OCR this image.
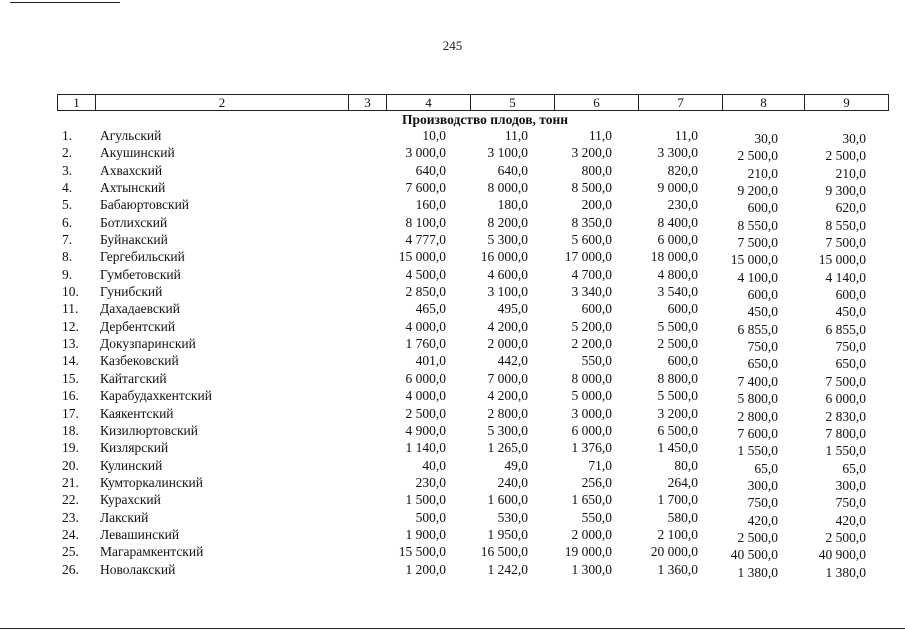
245
1	2	3	4	5	6	7	8	9
Производство плодов, тонн
1. Агульский	10,0	11,0	11,0	11,0	30,0	30,0
2. Акушинский	3 000,0	3 100,0	3 200,0	3 300,0	2 500,0	2 500,0
3. Ахвахский	640,0	640,0	800,0	820,0	210,0	210,0
4. Ахтынский	7 600,0	8 000,0	8 500,0	9 000,0	9 200,0	9 300,0
5. Бабаюртовский	160,0	180,0	200,0	230,0	600,0	620,0
6. Ботлихский	8 100,0	8 200,0	8 350,0	8 400,0	8 550,0	8 550,0
7. Буйнакский	4 777,0	5 300,0	5 600,0	6 000,0	7 500,0	7 500,0
8. Гергебильский	15 000,0	16 000,0	17 000,0	18 000,0	15 000,0	15 000,0
9. Гумбетовский	4 500,0	4 600,0	4 700,0	4 800,0	4 100,0	4 140,0
10. Гунибский	2 850,0	3 100,0	3 340,0	3 540,0	600,0	600,0
11. Дахадаевский	465,0	495,0	600,0	600,0	450,0	450,0
12. Дербентский	4 000,0	4 200,0	5 200,0	5 500,0	6 855,0	6 855,0
13. Докузпаринский	1 760,0	2 000,0	2 200,0	2 500,0	750,0	750,0
14. Казбековский	401,0	442,0	550,0	600,0	650,0	650,0
15. Кайтагский	6 000,0	7 000,0	8 000,0	8 800,0	7 400,0	7 500,0
16. Карабудахкентский	4 000,0	4 200,0	5 000,0	5 500,0	5 800,0	6 000,0
17. Каякентский	2 500,0	2 800,0	3 000,0	3 200,0	2 800,0	2 830,0
18. Кизилюртовский	4 900,0	5 300,0	6 000,0	6 500,0	7 600,0	7 800,0
19. Кизлярский	1 140,0	1 265,0	1 376,0	1 450,0	1 550,0	1 550,0
20. Кулинский	40,0	49,0	71,0	80,0	65,0	65,0
21. Кумторкалинский	230,0	240,0	256,0	264,0	300,0	300,0
22. Курахский	1 500,0	1 600,0	1 650,0	1 700,0	750,0	750,0
23. Лакский	500,0	530,0	550,0	580,0	420,0	420,0
24. Левашинский	1 900,0	1 950,0	2 000,0	2 100,0	2 500,0	2 500,0
25. Магарамкентский	15 500,0	16 500,0	19 000,0	20 000,0	40 500,0	40 900,0
26. Новолакский	1 200,0	1 242,0	1 300,0	1 360,0	1 380,0	1 380,0
